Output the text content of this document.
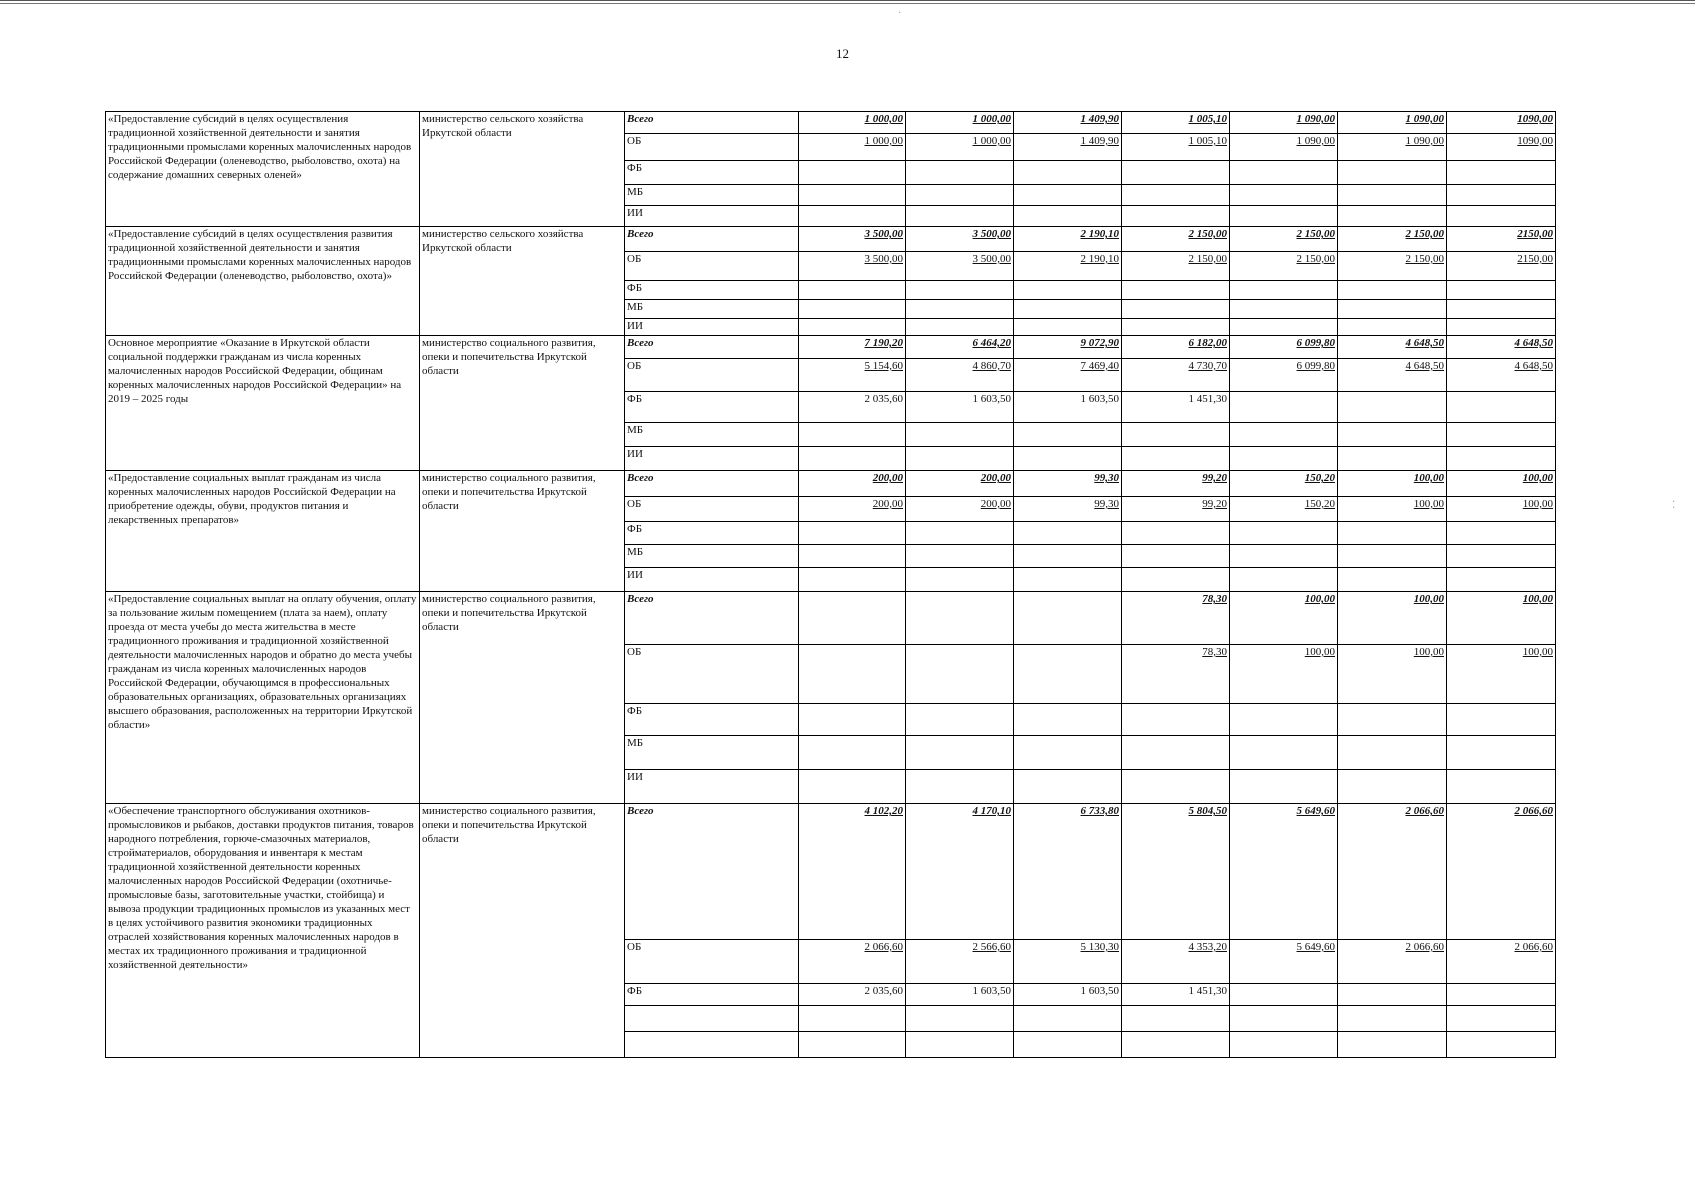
12
·
⁚
«Предоставление субсидий в целях осуществления традиционной хозяйственной деятельности и занятия традиционными промыслами коренных малочисленных народов Российской Федерации (оленеводство, рыболовство, охота) на содержание домашних северных оленей»	министерство сельского хозяйства Иркутской области	Всего	1 000,00	1 000,00	1 409,90	1 005,10	1 090,00	1 090,00	1090,00
		ОБ	1 000,00	1 000,00	1 409,90	1 005,10	1 090,00	1 090,00	1090,00
		ФБ							
		МБ							
		ИИ							
«Предоставление субсидий в целях осуществления развития традиционной хозяйственной деятельности и занятия традиционными промыслами коренных малочисленных народов Российской Федерации (оленеводство, рыболовство, охота)»	министерство сельского хозяйства Иркутской области	Всего	3 500,00	3 500,00	2 190,10	2 150,00	2 150,00	2 150,00	2150,00
		ОБ	3 500,00	3 500,00	2 190,10	2 150,00	2 150,00	2 150,00	2150,00
		ФБ							
		МБ							
		ИИ							
Основное мероприятие «Оказание в Иркутской области социальной поддержки гражданам из числа коренных малочисленных народов Российской Федерации, общинам коренных малочисленных народов Российской Федерации» на 2019 – 2025 годы	министерство социального развития, опеки и попечительства Иркутской области	Всего	7 190,20	6 464,20	9 072,90	6 182,00	6 099,80	4 648,50	4 648,50
		ОБ	5 154,60	4 860,70	7 469,40	4 730,70	6 099,80	4 648,50	4 648,50
		ФБ	2 035,60	1 603,50	1 603,50	1 451,30			
		МБ							
		ИИ							
«Предоставление социальных выплат гражданам из числа коренных малочисленных народов Российской Федерации на приобретение одежды, обуви, продуктов питания и лекарственных препаратов»	министерство социального развития, опеки и попечительства Иркутской области	Всего	200,00	200,00	99,30	99,20	150,20	100,00	100,00
		ОБ	200,00	200,00	99,30	99,20	150,20	100,00	100,00
		ФБ							
		МБ							
		ИИ							
«Предоставление социальных выплат на оплату обучения, оплату за пользование жилым помещением (плата за наем), оплату проезда от места учебы до места жительства в месте традиционного проживания и традиционной хозяйственной деятельности малочисленных народов и обратно до места учебы гражданам из числа коренных малочисленных народов Российской Федерации, обучающимся в профессиональных образовательных организациях, образовательных организациях высшего образования, расположенных на территории Иркутской области»	министерство социального развития, опеки и попечительства Иркутской области	Всего				78,30	100,00	100,00	100,00
		ОБ				78,30	100,00	100,00	100,00
		ФБ							
		МБ							
		ИИ							
«Обеспечение транспортного обслуживания охотников-промысловиков и рыбаков, доставки продуктов питания, товаров народного потребления, горюче-смазочных материалов, стройматериалов, оборудования и инвентаря к местам традиционной хозяйственной деятельности коренных малочисленных народов Российской Федерации (охотничье-промысловые базы, заготовительные участки, стойбища) и вывоза продукции традиционных промыслов из указанных мест в целях устойчивого развития экономики традиционных отраслей хозяйствования коренных малочисленных народов в местах их традиционного проживания и традиционной хозяйственной деятельности»	министерство социального развития, опеки и попечительства Иркутской области	Всего	4 102,20	4 170,10	6 733,80	5 804,50	5 649,60	2 066,60	2 066,60
		ОБ	2 066,60	2 566,60	5 130,30	4 353,20	5 649,60	2 066,60	2 066,60
		ФБ	2 035,60	1 603,50	1 603,50	1 451,30			
